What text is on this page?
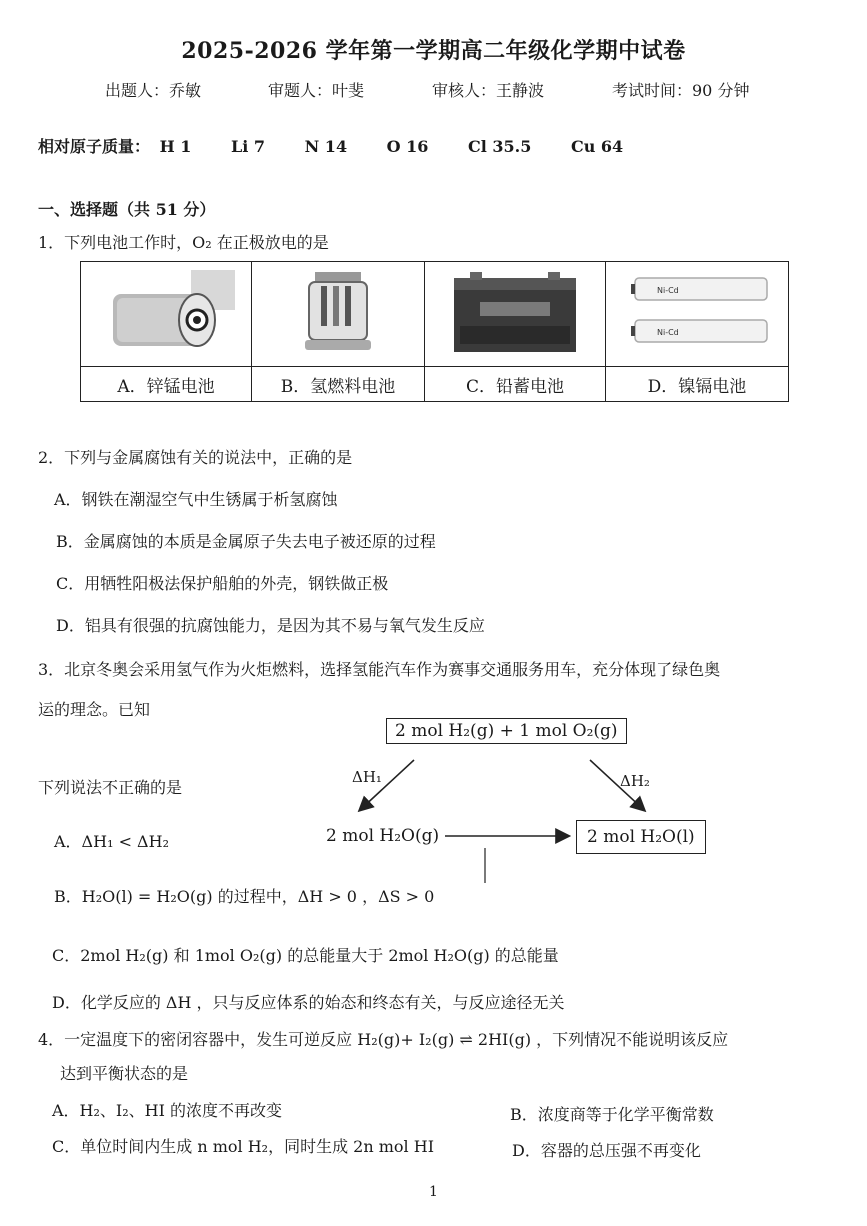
2025-2026 学年第一学期高二年级化学期中试卷
出题人：乔敏	审题人：叶斐	审核人：王静波	考试时间：90 分钟
相对原子质量： H 1 Li 7 N 14 O 16 Cl 35.5 Cu 64
一、选择题（共 51 分）
1．下列电池工作时，O₂ 在正极放电的是

Ni-Cd
Ni-Cd

A．锌锰电池	B．氢燃料电池	C．铅蓄电池	D．镍镉电池
2．下列与金属腐蚀有关的说法中，正确的是
A．钢铁在潮湿空气中生锈属于析氢腐蚀
B．金属腐蚀的本质是金属原子失去电子被还原的过程
C．用牺牲阳极法保护船舶的外壳，钢铁做正极
D．铝具有很强的抗腐蚀能力，是因为其不易与氧气发生反应
3．北京冬奥会采用氢气作为火炬燃料，选择氢能汽车作为赛事交通服务用车，充分体现了绿色奥
运的理念。已知
下列说法不正确的是
2 mol H₂(g) + 1 mol O₂(g)
ΔH₁	ΔH₂
2 mol H₂O(g)	2 mol H₂O(l)
A．ΔH₁ < ΔH₂
B．H₂O(l) = H₂O(g) 的过程中，ΔH > 0 ，ΔS > 0
C．2mol H₂(g) 和 1mol O₂(g) 的总能量大于 2mol H₂O(g) 的总能量
D．化学反应的 ΔH ，只与反应体系的始态和终态有关，与反应途径无关
4．一定温度下的密闭容器中，发生可逆反应 H₂(g)+ I₂(g) ⇌ 2HI(g) ，下列情况不能说明该反应
达到平衡状态的是
A．H₂、I₂、HI 的浓度不再改变	B．浓度商等于化学平衡常数
C．单位时间内生成 n mol H₂，同时生成 2n mol HI	D．容器的总压强不再变化
1
